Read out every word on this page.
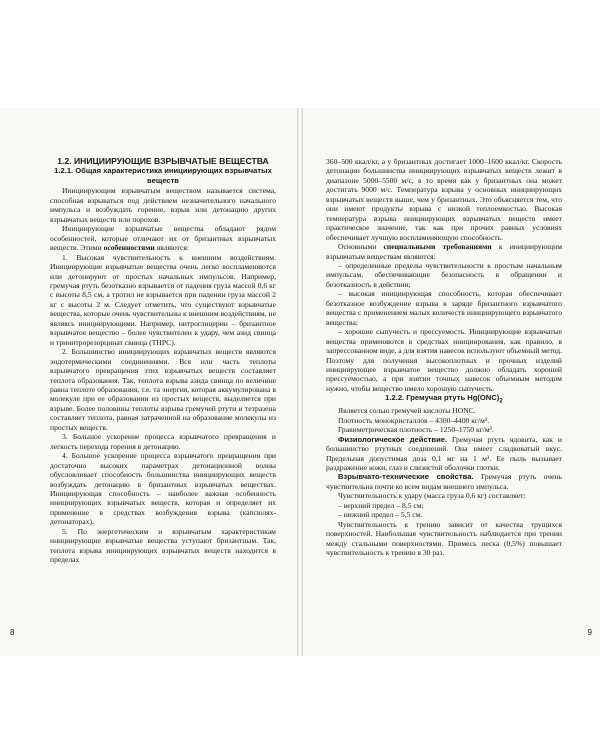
1.2. ИНИЦИИРУЮЩИЕ ВЗРЫВЧАТЫЕ ВЕЩЕСТВА

1.2.1. Общая характеристика инициирующих взрывчатых веществ

Инициирующим взрывчатым веществом называется система, способная взрываться под действием незначительного начального импульса и возбуждать горение, взрыв или детонацию других взрывчатых веществ или порохов.

Инициирующие взрывчатые вещества обладают рядом особенностей, которые отличают их от бризантных взрывчатых веществ. Этими особенностями являются:

1. Высокая чувствительность к внешним воздействиям. Инициирующие взрывчатые вещества очень легко воспламеняются или детонируют от простых начальных импульсов. Например, гремучая ртуть безотказно взрывается от падения груза массой 0,6 кг с высоты 8,5 см, а тротил не взрывается при падении груза массой 2 кг с высоты 2 м. Следует отметить, что существуют взрывчатые вещества, которые очень чувствительны к внешним воздействиям, не являясь инициирующими. Например, нитроглицерин – бризантное взрывчатое вещество – более чувствителен к удару, чем азид свинца и тринитрорезорцинат свинца (ТНРС).

2. Большинство инициирующих взрывчатых веществ являются эндотермическими соединениями. Вся или часть теплоты взрывчатого превращения этих взрывчатых веществ составляет теплота образования. Так, теплота взрыва азида свинца по величине равна теплоте образования, т.е. та энергия, которая аккумулирована в молекуле при ее образовании из простых веществ, выделяется при взрыве. Более половины теплоты взрыва гремучей ртути и тетразена составляет теплота, равная затраченной на образование молекулы из простых веществ.

3. Большое ускорение процесса взрывчатого превращения и легкость перехода горения в детонацию.

4. Большое ускорение процесса взрывчатого превращения при достаточно высоких параметрах детонационной волны обусловливает способность большинства инициирующих веществ возбуждать детонацию в бризантных взрывчатых веществах. Инициирующая способность – наиболее важная особенность инициирующих взрывчатых веществ, которая и определяет их применение в средствах возбуждения взрыва (капсюлях-детонаторах).

5. По энергетическим и взрывчатым характеристикам инициирующие взрывчатые вещества уступают бризантным. Так, теплота взрыва инициирующих взрывчатых веществ находится в пределах

8

360–500 ккал/кг, а у бризантных достигает 1000–1600 ккал/кг. Скорость детонации большинства инициирующих взрывчатых веществ лежит в диапазоне 5000–5500 м/с, в то время как у бризантных она может достигать 9000 м/с. Температура взрыва у основных инициирующих взрывчатых веществ выше, чем у бризантных. Это объясняется тем, что они имеют продукты взрыва с низкой теплоемкостью. Высокая температура взрыва инициирующих взрывчатых веществ имеет практическое значение, так как при прочих равных условиях обеспечивает лучшую воспламеняющую способность.

Основными специальными требованиями к инициирующим взрывчатым веществам являются:

– определенные пределы чувствительности к простым начальным импульсам, обеспечивающие безопасность в обращении и безотказность в действии;

– высокая инициирующая способность, которая обеспечивает безотказное возбуждение взрыва в заряде бризантного взрывчатого вещества с применением малых количеств инициирующего взрывчатого вещества;

– хорошие сыпучесть и прессуемость. Инициирующие взрывчатые вещества применяются в средствах инициирования, как правило, в запрессованном виде, а для взятия навесок используют объемный метод. Поэтому для получения высокоплотных и прочных изделий инициирующее взрывчатое вещество должно обладать хорошей прессуемостью, а при взятии точных навесок объемным методом нужно, чтобы вещество имело хорошую сыпучесть.

1.2.2. Гремучая ртуть $Hg(ONC)_2$

Является солью гремучей кислоты HONC.

Плотность монокристаллов – 4300–4400 кг/м³.

Гравиметрическая плотность – 1250–1750 кг/м³.

Физиологическое действие. Гремучая ртуть ядовита, как и большинство ртутных соединений. Она имеет сладковатый вкус. Предельная допустимая доза 0,1 мг на 1 м³. Ее пыль вызывает раздражение кожи, глаз и слизистой оболочки глотки.

Взрывчато-технические свойства. Гремучая ртуть очень чувствительна почти ко всем видам внешнего импульса.

Чувствительность к удару (масса груза 0,6 кг) составляет:

– верхний предел – 8,5 см;

– нижний предел – 5,5 см.

Чувствительность к трению зависит от качества трущихся поверхностей. Наибольшая чувствительность наблюдается при трении между стальными поверхностями. Примесь песка (0,5%) повышает чувствительность к трению в 30 раз.

9
